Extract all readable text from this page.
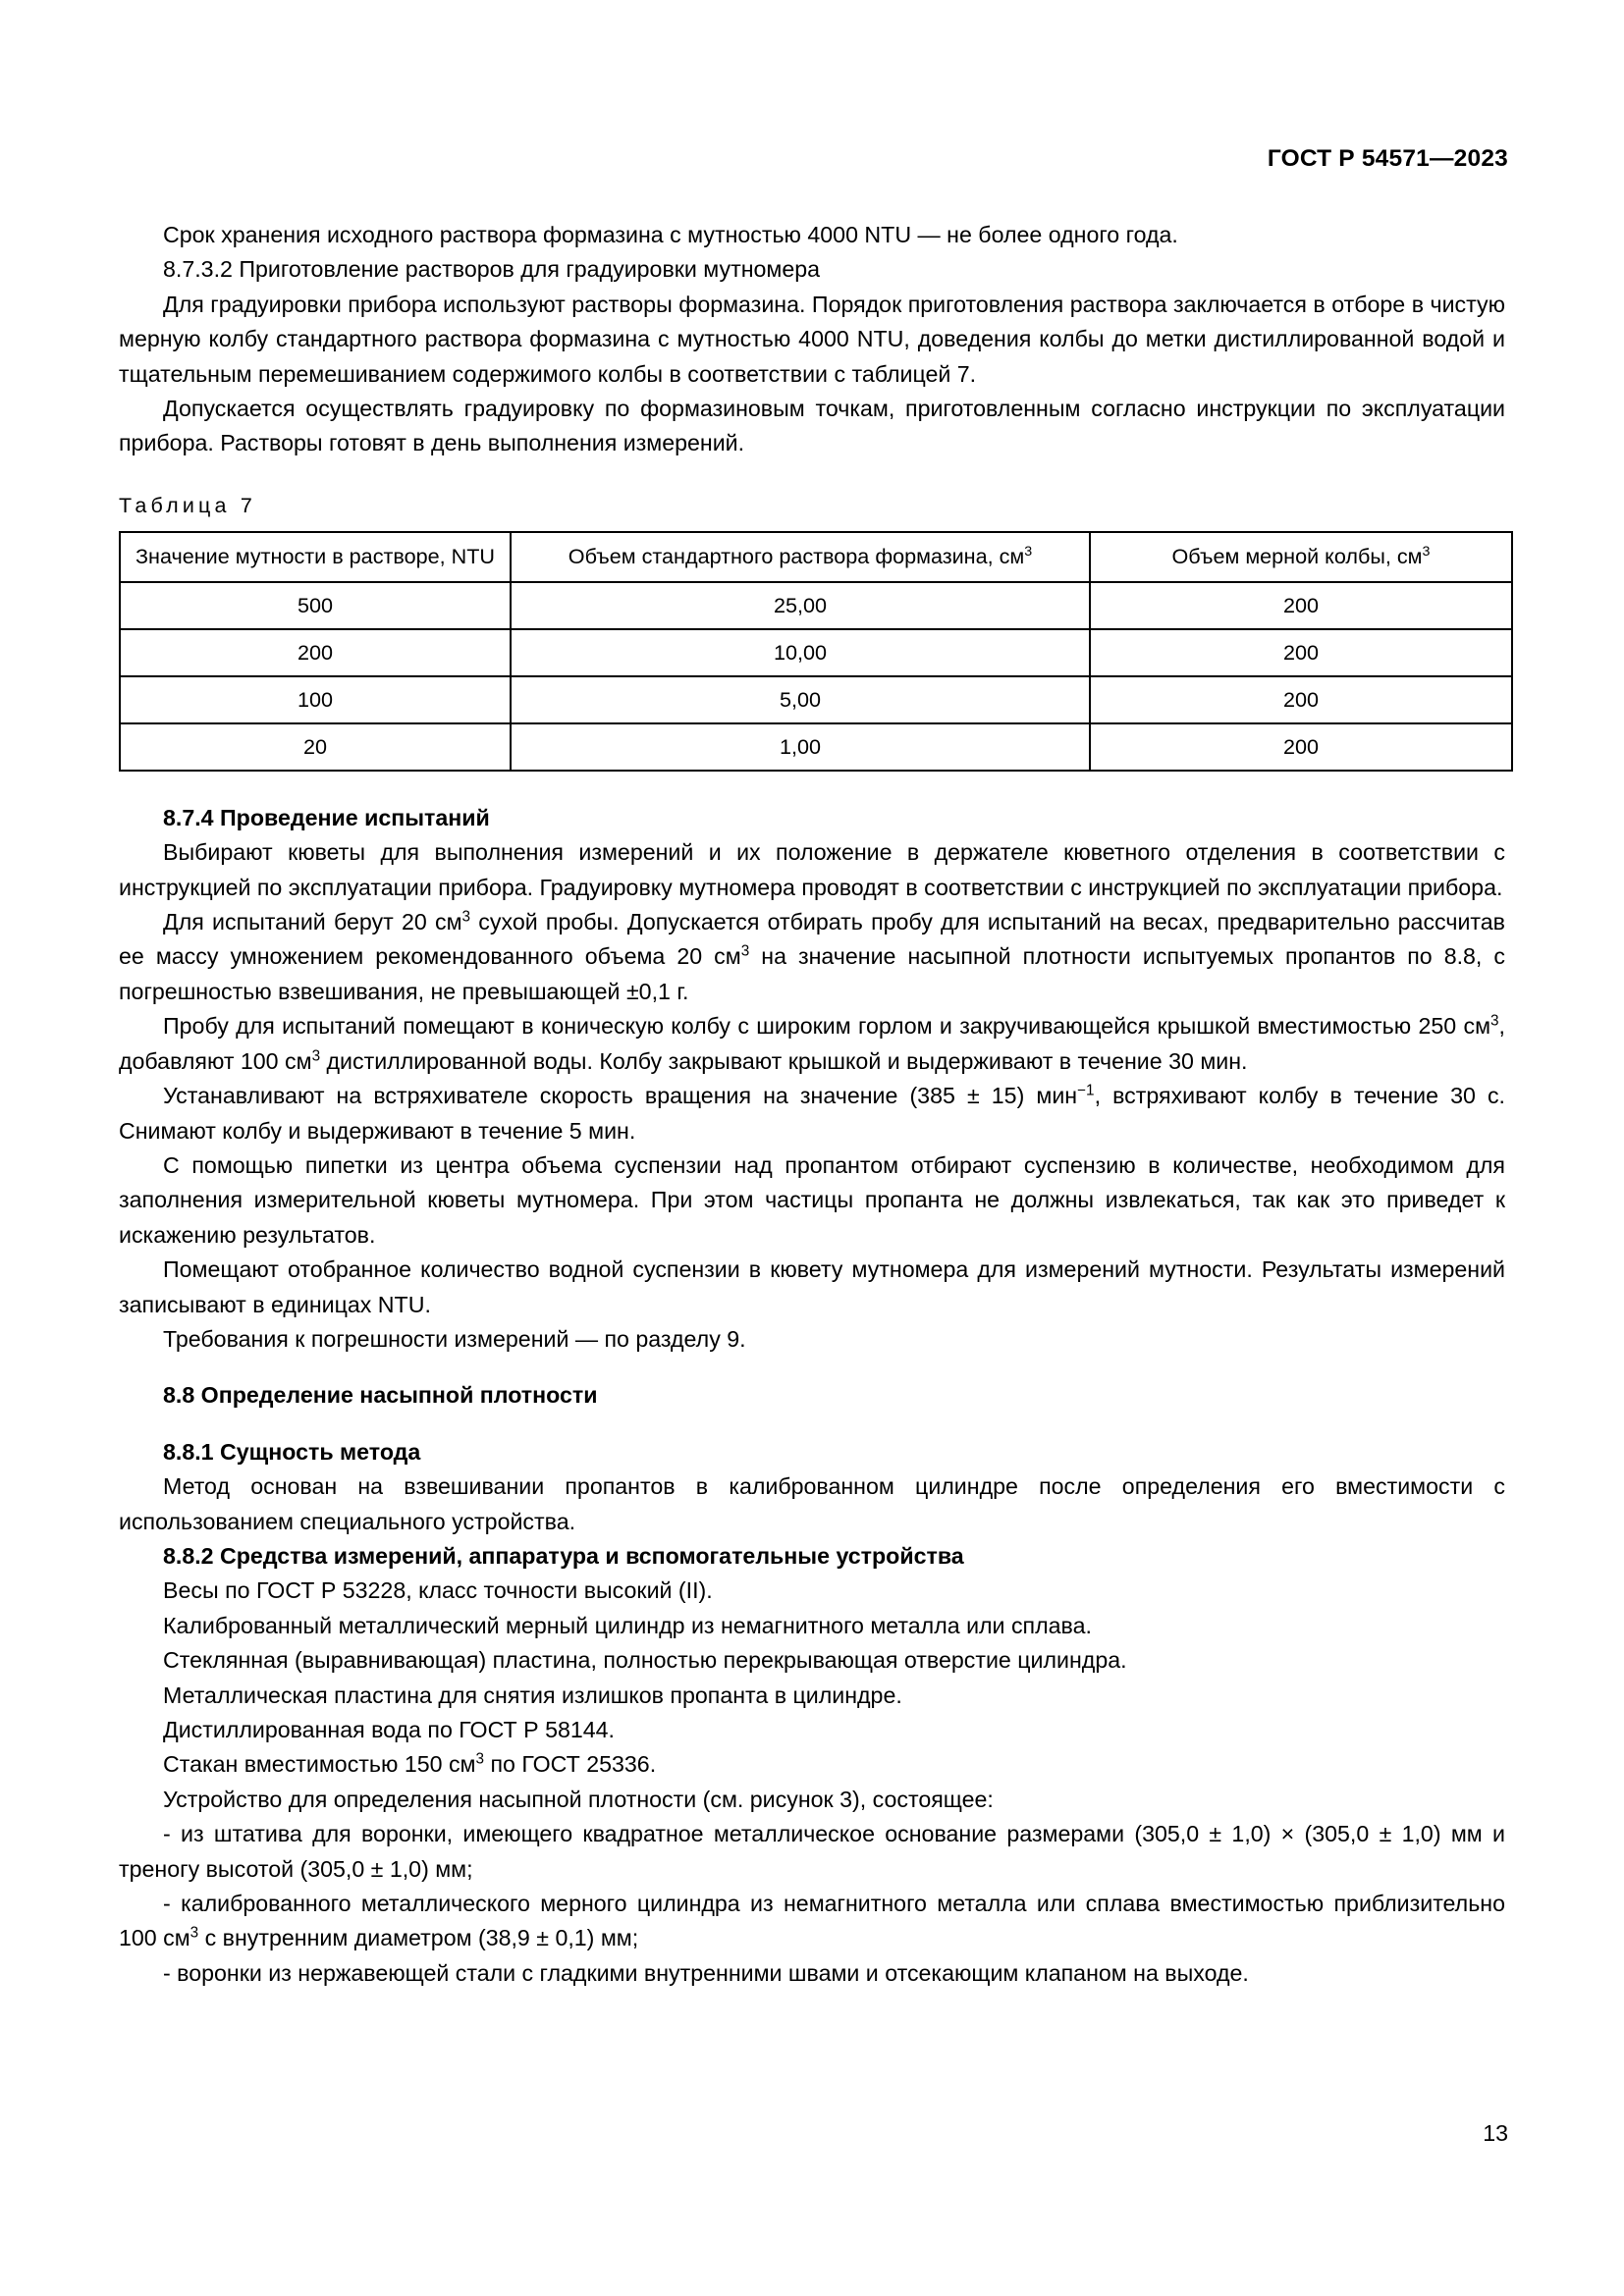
ГОСТ Р 54571—2023

Срок хранения исходного раствора формазина с мутностью 4000 NTU — не более одного года.

8.7.3.2 Приготовление растворов для градуировки мутномера

Для градуировки прибора используют растворы формазина. Порядок приготовления раствора заключается в отборе в чистую мерную колбу стандартного раствора формазина с мутностью 4000 NTU, доведения колбы до метки дистиллированной водой и тщательным перемешиванием содержимого колбы в соответствии с таблицей 7.

Допускается осуществлять градуировку по формазиновым точкам, приготовленным согласно инструкции по эксплуатации прибора. Растворы готовят в день выполнения измерений.

Таблица 7

Значение мутности в растворе, NTU	Объем стандартного раствора формазина, $см^3$	Объем мерной колбы, $см^3$
500	25,00	200
200	10,00	200
100	5,00	200
20	1,00	200

8.7.4 Проведение испытаний

Выбирают кюветы для выполнения измерений и их положение в держателе кюветного отделения в соответствии с инструкцией по эксплуатации прибора. Градуировку мутномера проводят в соответствии с инструкцией по эксплуатации прибора.

Для испытаний берут 20 $см^3$ сухой пробы. Допускается отбирать пробу для испытаний на весах, предварительно рассчитав ее массу умножением рекомендованного объема 20 $см^3$ на значение насыпной плотности испытуемых пропантов по 8.8, с погрешностью взвешивания, не превышающей ±0,1 г.

Пробу для испытаний помещают в коническую колбу с широким горлом и закручивающейся крышкой вместимостью 250 $см^3$, добавляют 100 $см^3$ дистиллированной воды. Колбу закрывают крышкой и выдерживают в течение 30 мин.

Устанавливают на встряхивателе скорость вращения на значение (385 ± 15) мин$^{-1}$, встряхивают колбу в течение 30 с. Снимают колбу и выдерживают в течение 5 мин.

С помощью пипетки из центра объема суспензии над пропантом отбирают суспензию в количестве, необходимом для заполнения измерительной кюветы мутномера. При этом частицы пропанта не должны извлекаться, так как это приведет к искажению результатов.

Помещают отобранное количество водной суспензии в кювету мутномера для измерений мутности. Результаты измерений записывают в единицах NTU.

Требования к погрешности измерений — по разделу 9.

8.8 Определение насыпной плотности

8.8.1 Сущность метода

Метод основан на взвешивании пропантов в калиброванном цилиндре после определения его вместимости с использованием специального устройства.

8.8.2 Средства измерений, аппаратура и вспомогательные устройства

Весы по ГОСТ Р 53228, класс точности высокий (II).

Калиброванный металлический мерный цилиндр из немагнитного металла или сплава.

Стеклянная (выравнивающая) пластина, полностью перекрывающая отверстие цилиндра.

Металлическая пластина для снятия излишков пропанта в цилиндре.

Дистиллированная вода по ГОСТ Р 58144.

Стакан вместимостью 150 $см^3$ по ГОСТ 25336.

Устройство для определения насыпной плотности (см. рисунок 3), состоящее:

- из штатива для воронки, имеющего квадратное металлическое основание размерами (305,0 ± 1,0) × (305,0 ± 1,0) мм и треногу высотой (305,0 ± 1,0) мм;

- калиброванного металлического мерного цилиндра из немагнитного металла или сплава вместимостью приблизительно 100 $см^3$ с внутренним диаметром (38,9 ± 0,1) мм;

- воронки из нержавеющей стали с гладкими внутренними швами и отсекающим клапаном на выходе.

13
